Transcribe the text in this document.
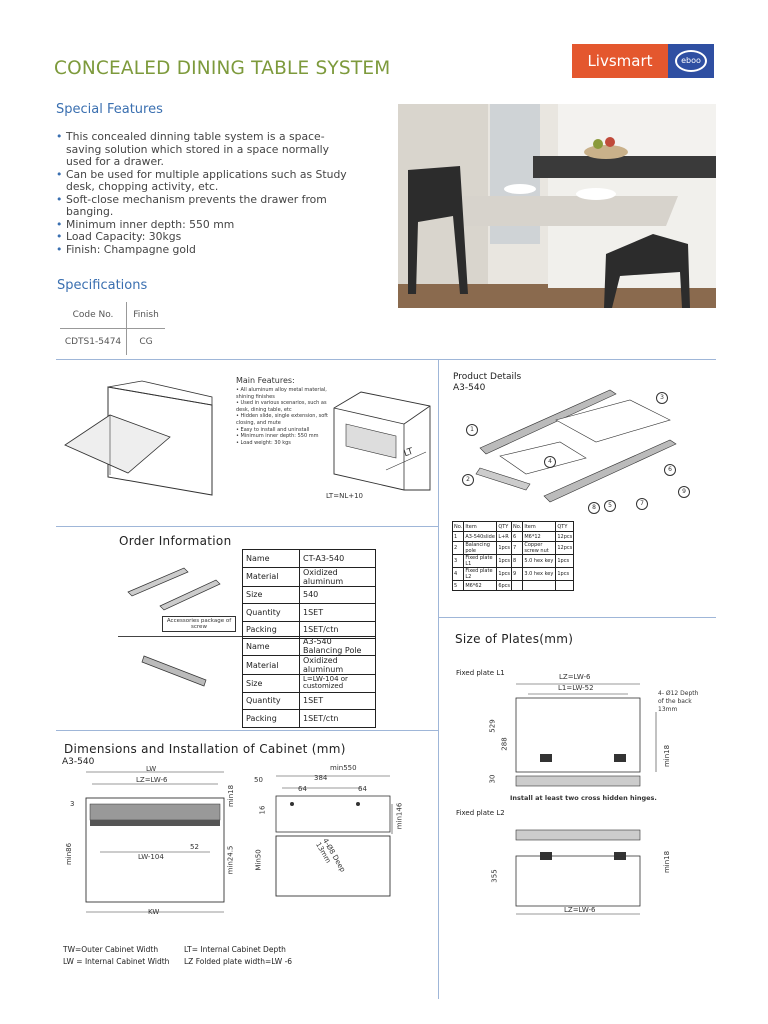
CONCEALED DINING TABLE SYSTEM	Livsmart	eboo
Special Features
• This concealed dinning table system is a space-saving solution which stored in a space normally used for a drawer.
• Can be used for multiple applications such as Study desk, chopping activity, etc.
• Soft-close mechanism prevents the drawer from banging.
• Minimum inner depth: 550 mm
• Load Capacity: 30kgs
• Finish: Champagne gold
Specifications
Code No.	Finish
CDTS1-5474	CG
Main Features:
• All aluminum alloy metal material, shining finishes
• Used in various scenarios, such as desk, dining table, etc
• Hidden slide, single extension, soft closing, and mute
• Easy to install and uninstall
• Minimum inner depth: 550 mm
• Load weight: 30 kgs
LT
LT=NL+10
Product Details
A3-540
1
2
3
4
5
6
7
8
9
No.	Item	QTY	No.	Item	QTY
1	A3-540slide	L+R	6	M6*12	12pcs
2	Balancing pole	1pcs	7	Copper screw nut	12pcs
3	Fixed plate L1	1pcs	8	5.0 hex key	1pcs
4	Fixed plate L2	1pcs	9	3.0 hex key	1pcs
5	M6*62	6pcs			
Order Information
Accessories package of screw
Name	CT-A3-540
Material	Oxidized aluminum
Size	540
Quantity	1SET
Packing	1SET/ctn
Name	A3-540 Balancing Pole
Material	Oxidized aluminum
Size	L=LW-104 or customized
Quantity	1SET
Packing	1SET/ctn
Size of Plates(mm)
Fixed plate L1	LZ=LW-6
L1=LW-52
529
288
30
min18
4- Ø12 Depth of the back 13mm
Install at least two cross hidden hinges.
Fixed plate L2
355
min18
LZ=LW-6
Dimensions and Installation of Cabinet (mm)
A3-540
LW
LZ=LW-6
3	min18
min86	52
LW-104	min24.5
KW
min550
50	384
64	64
16	min146
Min50	4-Ø8 Deep 13mm
TW=Outer Cabinet Width
LW = Internal Cabinet Width
LT= Internal Cabinet Depth
LZ Folded plate width=LW -6
